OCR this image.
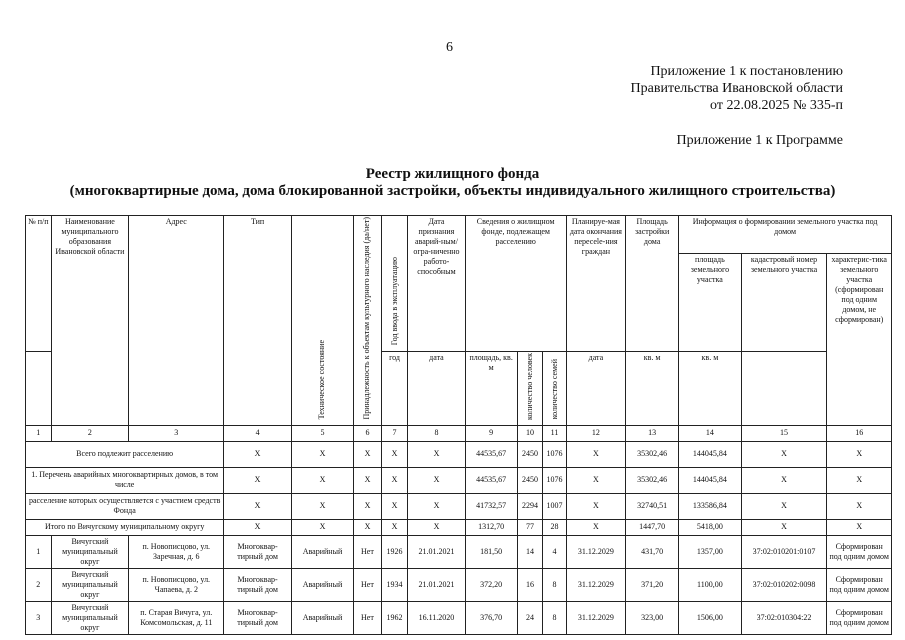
6
Приложение 1 к постановлению
Правительства Ивановской области
от 22.08.2025 № 335-п
Приложение 1 к Программе
Реестр жилищного фонда
(многоквартирные дома, дома блокированной застройки, объекты индивидуального жилищного строительства)
№ п/п	Наименование муниципального образования Ивановской области	Адрес	Тип	Техническое состояние	Принадлежность к объектам культурного наследия (да/нет)	Год ввода в эксплуатацию	Дата признания аварий-ным/огра-ниченно работо-способным	Сведения о жилищном фонде, подлежащем расселению			Планируе-мая дата окончания пересele-ния граждан	Площадь застройки дома	Информация о формировании земельного участка под домом		
													площадь земельного участка	кадастровый номер земельного участка	характерис-тика земельного участка (сформирован под одним домом, не сформирован)
						год	дата	площадь, кв. м	количество человек	количество семей	дата	кв. м	кв. м		
1	2	3	4	5	6	7	8	9	10	11	12	13	14	15	16
Всего подлежит расселению			Х	Х	Х	Х	Х	44535,67	2450	1076	Х	35302,46	144045,84	Х	Х
1. Перечень аварийных многоквартирных домов, в том числе			Х	Х	Х	Х	Х	44535,67	2450	1076	Х	35302,46	144045,84	Х	Х
расселение которых осуществляется с участием средств Фонда			Х	Х	Х	Х	Х	41732,57	2294	1007	Х	32740,51	133586,84	Х	Х
Итого по Вичугскому муниципальному округу			Х	Х	Х	Х	Х	1312,70	77	28	Х	1447,70	5418,00	Х	Х
1	Вичугский муниципальный округ	п. Новописцово, ул. Заречная, д. 6	Многоквар-тирный дом	Аварийный	Нет	1926	21.01.2021	181,50	14	4	31.12.2029	431,70	1357,00	37:02:010201:0107	Сформирован под одним домом
2	Вичугский муниципальный округ	п. Новописцово, ул. Чапаева, д. 2	Многоквар-тирный дом	Аварийный	Нет	1934	21.01.2021	372,20	16	8	31.12.2029	371,20	1100,00	37:02:010202:0098	Сформирован под одним домом
3	Вичугский муниципальный округ	п. Старая Вичуга, ул. Комсомольская, д. 11	Многоквар-тирный дом	Аварийный	Нет	1962	16.11.2020	376,70	24	8	31.12.2029	323,00	1506,00	37:02:010304:22	Сформирован под одним домом
